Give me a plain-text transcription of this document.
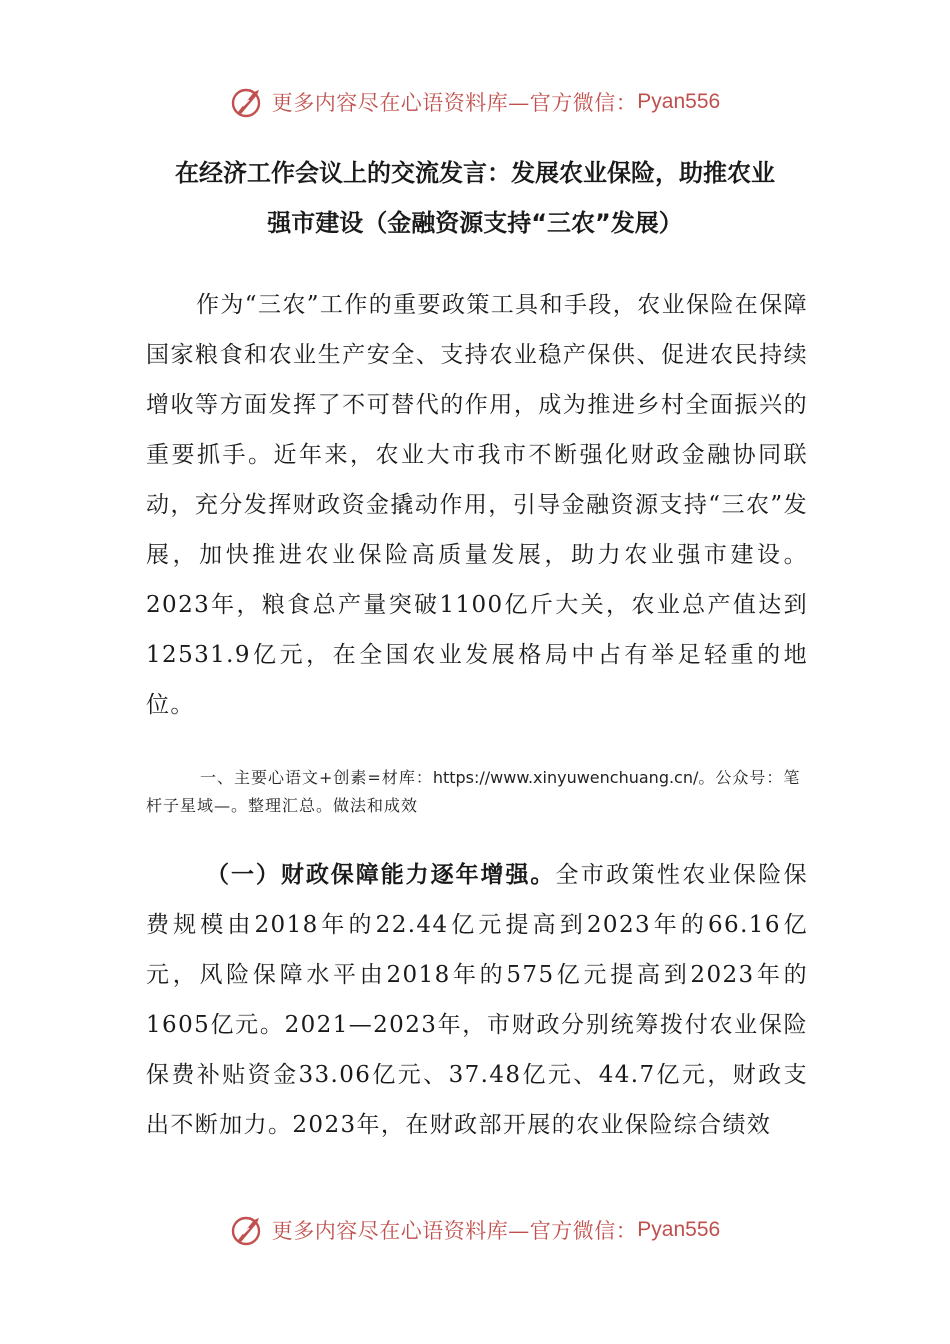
更多内容尽在心语资料库—官方微信： Pyan556
在经济工作会议上的交流发言：发展农业保险，助推农业
强市建设（金融资源支持“三农”发展）

作为“三农”工作的重要政策工具和手段，农业保险在保障国家粮食和农业生产安全、支持农业稳产保供、促进农民持续增收等方面发挥了不可替代的作用，成为推进乡村全面振兴的重要抓手。近年来，农业大市我市不断强化财政金融协同联动，充分发挥财政资金撬动作用，引导金融资源支持“三农”发展，加快推进农业保险高质量发展，助力农业强市建设。2023年，粮食总产量突破1100亿斤大关，农业总产值达到12531.9亿元，在全国农业发展格局中占有举足轻重的地位。

一、主要心语文+创素=材库：https://www.xinyuwenchuang.cn/。公众号：笔杆子星域—。整理汇总。做法和成效

（一）财政保障能力逐年增强。全市政策性农业保险保费规模由2018年的22.44亿元提高到2023年的66.16亿元，风险保障水平由2018年的575亿元提高到2023年的1605亿元。2021—2023年，市财政分别统筹拨付农业保险保费补贴资金33.06亿元、37.48亿元、44.7亿元，财政支出不断加力。2023年，在财政部开展的农业保险综合绩效

更多内容尽在心语资料库—官方微信： Pyan556
